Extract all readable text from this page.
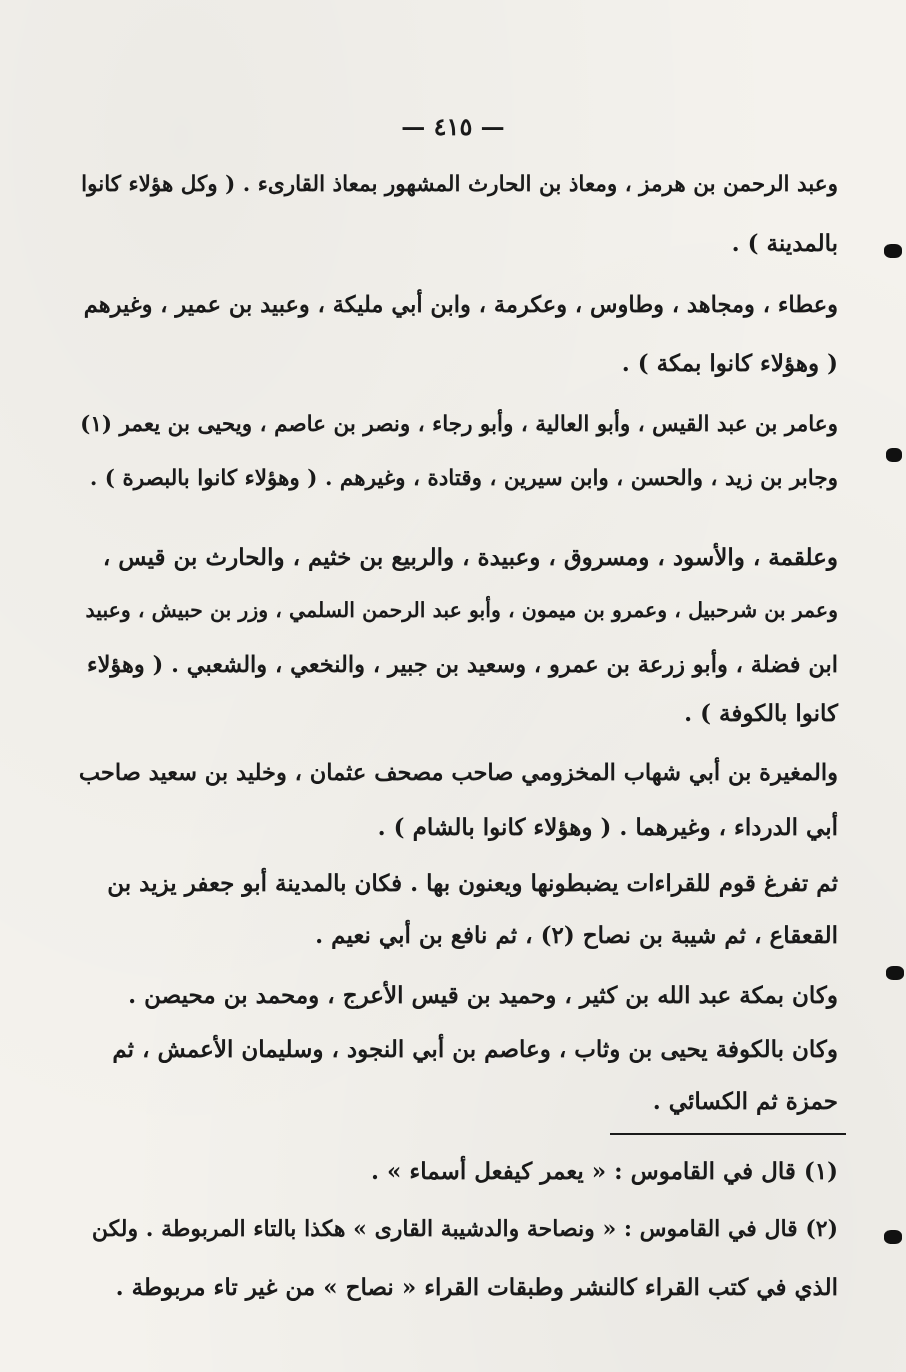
— ٤١٥ —
وعبد الرحمن بن هرمز ، ومعاذ بن الحارث المشهور بمعاذ القارىء . ( وكل هؤلاء كانوا
بالمدينة ) .
وعطاء ، ومجاهد ، وطاوس ، وعكرمة ، وابن أبي مليكة ، وعبيد بن عمير ، وغيرهم
( وهؤلاء كانوا بمكة ) .
وعامر بن عبد القيس ، وأبو العالية ، وأبو رجاء ، ونصر بن عاصم ، ويحيى بن يعمر (١)
وجابر بن زيد ، والحسن ، وابن سيرين ، وقتادة ، وغيرهم . ( وهؤلاء كانوا بالبصرة ) .
وعلقمة ، والأسود ، ومسروق ، وعبيدة ، والربيع بن خثيم ، والحارث بن قيس ،
وعمر بن شرحبيل ، وعمرو بن ميمون ، وأبو عبد الرحمن السلمي ، وزر بن حبيش ، وعبيد
ابن فضلة ، وأبو زرعة بن عمرو ، وسعيد بن جبير ، والنخعي ، والشعبي . ( وهؤلاء
كانوا بالكوفة ) .
والمغيرة بن أبي شهاب المخزومي صاحب مصحف عثمان ، وخليد بن سعيد صاحب
أبي الدرداء ، وغيرهما . ( وهؤلاء كانوا بالشام ) .
ثم تفرغ قوم للقراءات يضبطونها ويعنون بها . فكان بالمدينة أبو جعفر يزيد بن
القعقاع ، ثم شيبة بن نصاح (٢) ، ثم نافع بن أبي نعيم .
وكان بمكة عبد الله بن كثير ، وحميد بن قيس الأعرج ، ومحمد بن محيصن .
وكان بالكوفة يحيى بن وثاب ، وعاصم بن أبي النجود ، وسليمان الأعمش ، ثم
حمزة ثم الكسائي .
(١) قال في القاموس : « يعمر كيفعل أسماء » .
(٢) قال في القاموس : « ونصاحة والدشيبة القارى » هكذا بالتاء المربوطة . ولكن
الذي في كتب القراء كالنشر وطبقات القراء « نصاح » من غير تاء مربوطة .
